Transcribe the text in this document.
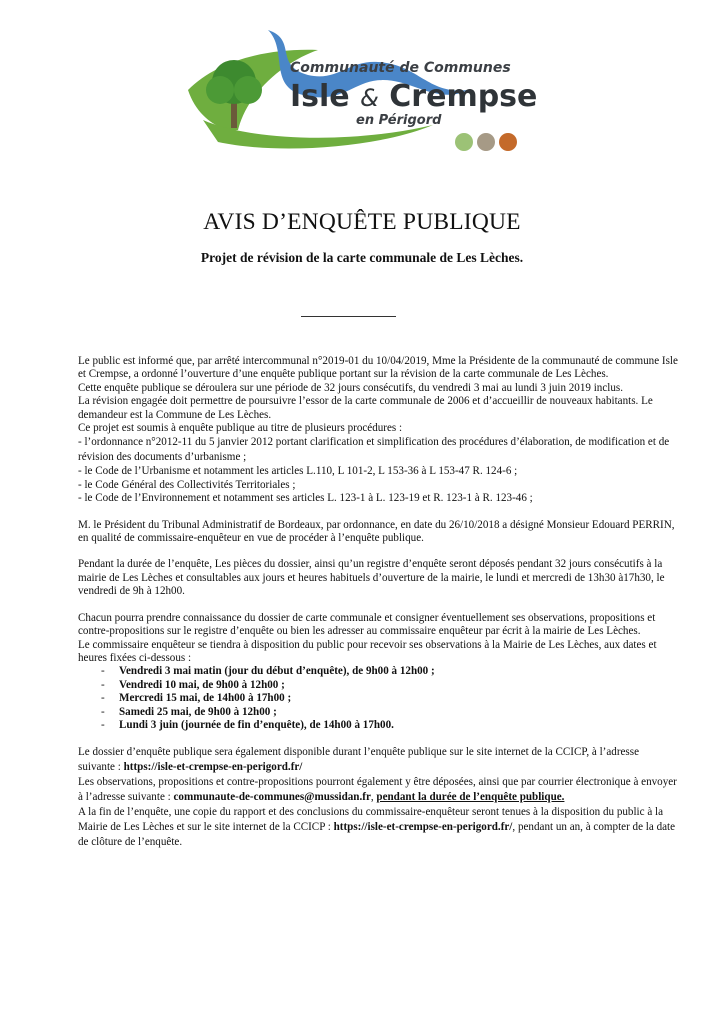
Communauté de Communes
Isle & Crempse
en Périgord
AVIS D’ENQUÊTE PUBLIQUE
Projet de révision de la carte communale de Les Lèches.

Le public est informé que, par arrêté intercommunal n°2019-01 du 10/04/2019, Mme la Présidente de la communauté de commune Isle et Crempse, a ordonné l’ouverture d’une enquête publique portant sur la révision de la carte communale de Les Lèches.

Cette enquête publique se déroulera sur une période de 32 jours consécutifs, du vendredi 3 mai au lundi 3 juin 2019 inclus.

La révision engagée doit permettre de poursuivre l’essor de la carte communale de 2006 et d’accueillir de nouveaux habitants. Le demandeur est la Commune de Les Lèches.

Ce projet est soumis à enquête publique au titre de plusieurs procédures :

- l’ordonnance n°2012-11 du 5 janvier 2012 portant clarification et simplification des procédures d’élaboration, de modification et de révision des documents d’urbanisme ;

- le Code de l’Urbanisme et notamment les articles L.110, L 101-2, L 153-36 à L 153-47 R. 124-6 ;

- le Code Général des Collectivités Territoriales ;

- le Code de l’Environnement et notamment ses articles L. 123-1 à L. 123-19 et R. 123-1 à R. 123-46 ;

M. le Président du Tribunal Administratif de Bordeaux, par ordonnance, en date du 26/10/2018 a désigné Monsieur Edouard PERRIN, en qualité de commissaire-enquêteur en vue de procéder à l’enquête publique.

Pendant la durée de l’enquête, Les pièces du dossier, ainsi qu’un registre d’enquête seront déposés pendant 32 jours consécutifs à la mairie de Les Lèches et consultables aux jours et heures habituels d’ouverture de la mairie, le lundi et mercredi de 13h30 à17h30, le vendredi de 9h à 12h00.

Chacun pourra prendre connaissance du dossier de carte communale et consigner éventuellement ses observations, propositions et contre-propositions sur le registre d’enquête ou bien les adresser au commissaire enquêteur par écrit à la mairie de Les Lèches.

Le commissaire enquêteur se tiendra à disposition du public pour recevoir ses observations à la Mairie de Les Lèches, aux dates et heures fixées ci-dessous :

- Vendredi 3 mai matin (jour du début d’enquête), de 9h00 à 12h00 ;
- Vendredi 10 mai, de 9h00 à 12h00 ;
- Mercredi 15 mai, de 14h00 à 17h00 ;
- Samedi 25 mai, de 9h00 à 12h00 ;
- Lundi 3 juin (journée de fin d’enquête), de 14h00 à 17h00.

Le dossier d’enquête publique sera également disponible durant l’enquête publique sur le site internet de la CCICP, à l’adresse suivante : https://isle-et-crempse-en-perigord.fr/

Les observations, propositions et contre-propositions pourront également y être déposées, ainsi que par courrier électronique à envoyer à l’adresse suivante : communaute-de-communes@mussidan.fr, pendant la durée de l’enquête publique.

A la fin de l’enquête, une copie du rapport et des conclusions du commissaire-enquêteur seront tenues à la disposition du public à la Mairie de Les Lèches et sur le site internet de la CCICP : https://isle-et-crempse-en-perigord.fr/, pendant un an, à compter de la date de clôture de l’enquête.
